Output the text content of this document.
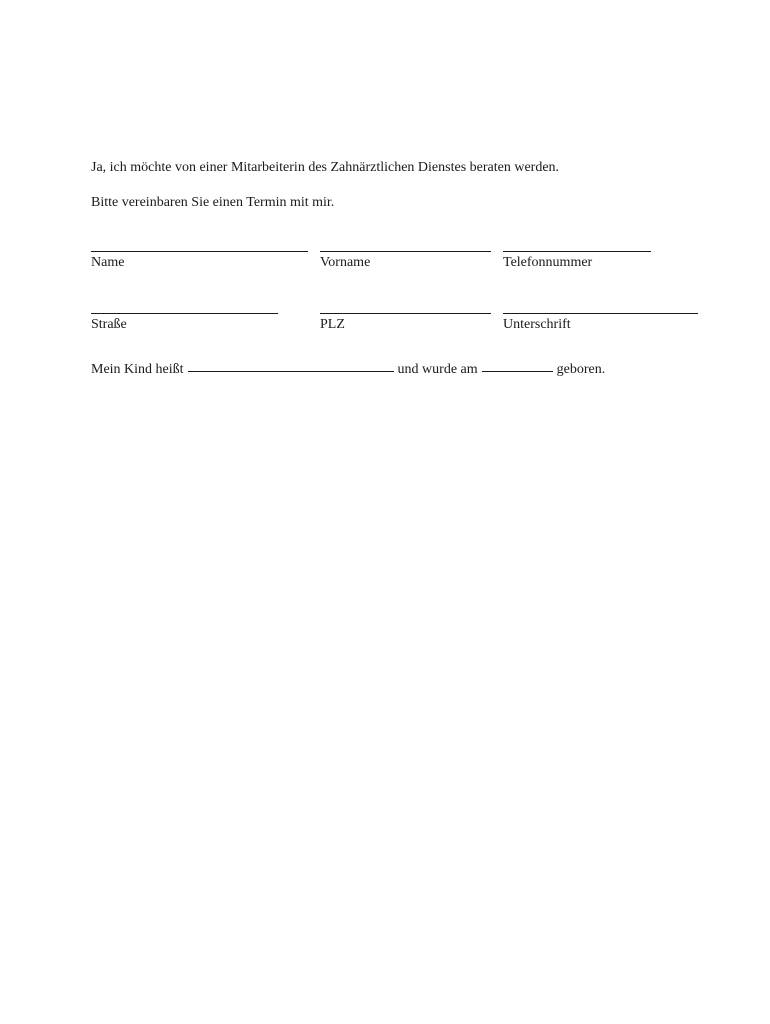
Ja, ich möchte von einer Mitarbeiterin des Zahnärztlichen Dienstes beraten werden.
Bitte vereinbaren Sie einen Termin mit mir.
Name	Vorname	Telefonnummer
Straße	PLZ	Unterschrift
Mein Kind heißt	und wurde am	geboren.
